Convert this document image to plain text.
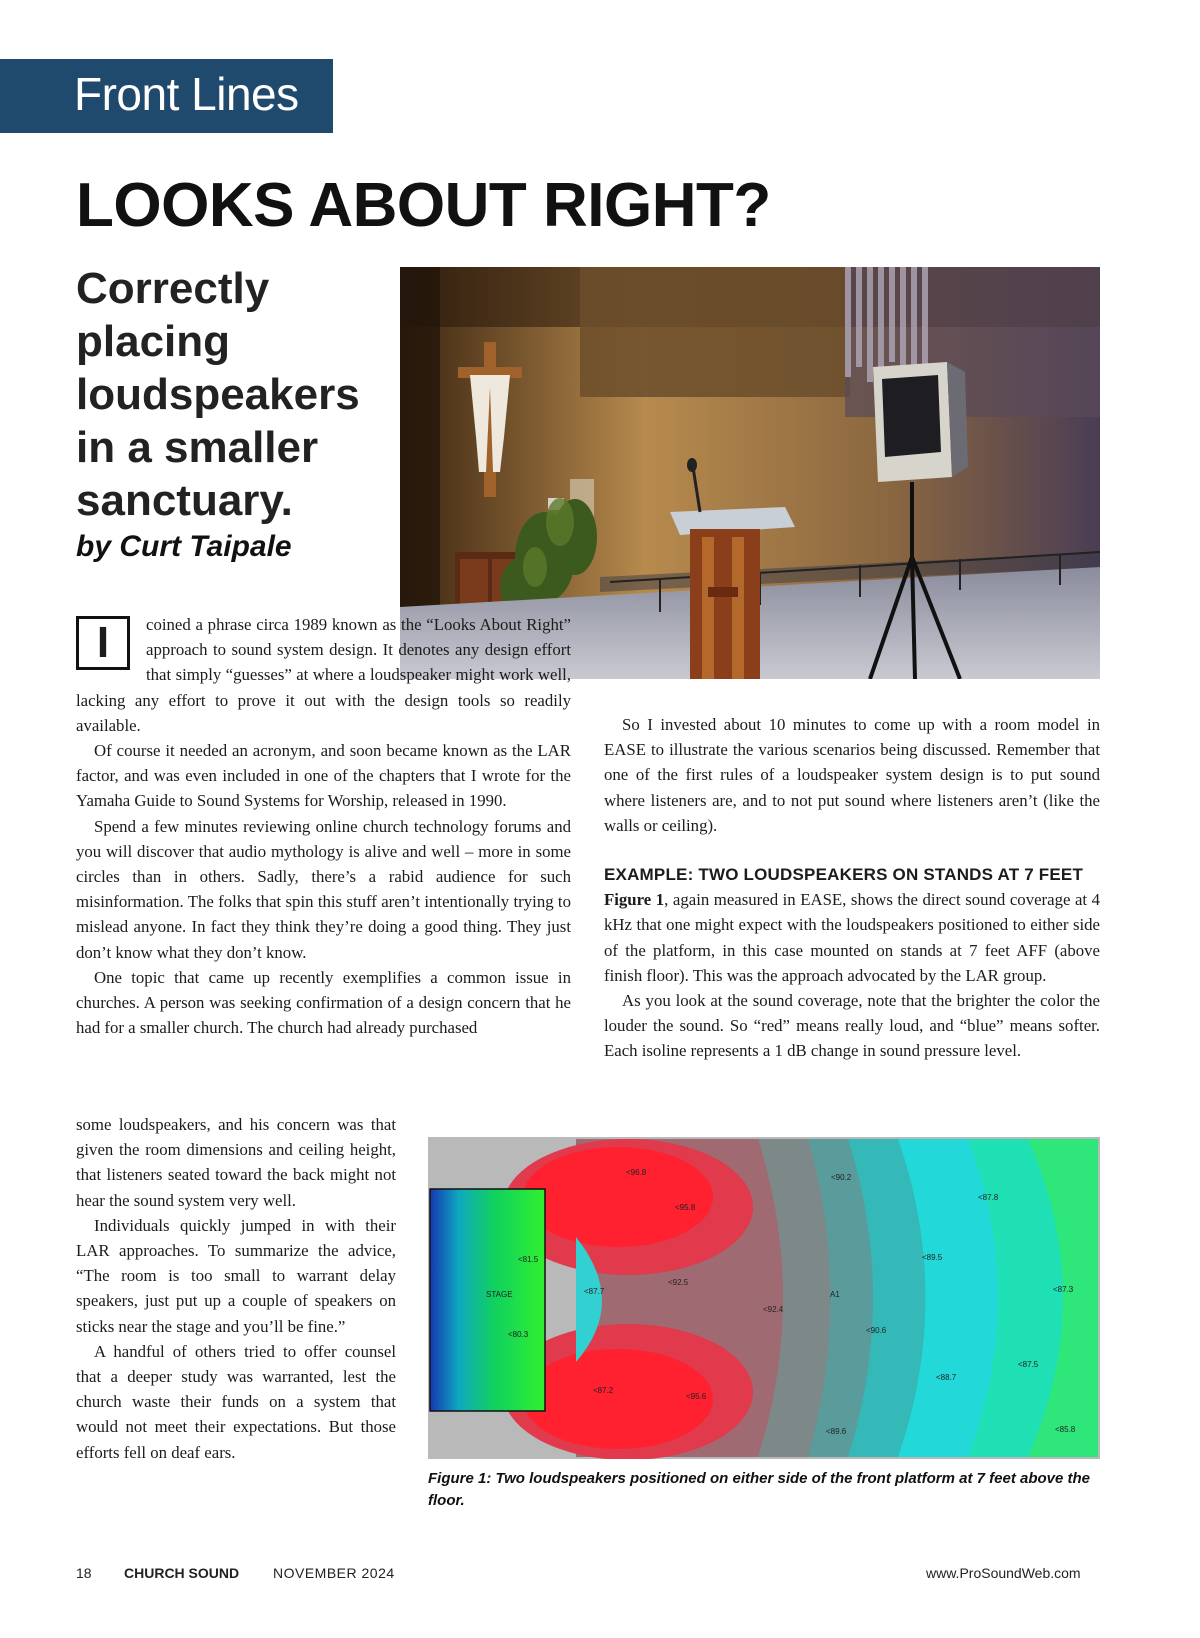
Front Lines
LOOKS ABOUT RIGHT?
Correctly placing loudspeakers in a smaller sanctuary.
by Curt Taipale
I	coined a phrase circa 1989 known as the “Looks About Right” approach to sound system design. It denotes any design effort that simply “guesses” at where a loudspeaker might work well, lacking any effort to prove it out with the design tools so readily available.

Of course it needed an acronym, and soon became known as the LAR factor, and was even included in one of the chapters that I wrote for the Yamaha Guide to Sound Systems for Worship, released in 1990.

Spend a few minutes reviewing online church technology forums and you will discover that audio mythology is alive and well – more in some circles than in others. Sadly, there’s a rabid audience for such misinformation. The folks that spin this stuff aren’t intentionally trying to mislead anyone. In fact they think they’re doing a good thing. They just don’t know what they don’t know.

One topic that came up recently exemplifies a common issue in churches. A person was seeking confirmation of a design concern that he had for a smaller church. The church had already purchased

some loudspeakers, and his concern was that given the room dimensions and ceiling height, that listeners seated toward the back might not hear the sound system very well.

Individuals quickly jumped in with their LAR approaches. To summarize the advice, “The room is too small to warrant delay speakers, just put up a couple of speakers on sticks near the stage and you’ll be fine.”

A handful of others tried to offer counsel that a deeper study was warranted, lest the church waste their funds on a system that would not meet their expectations. But those efforts fell on deaf ears.

So I invested about 10 minutes to come up with a room model in EASE to illustrate the various scenarios being discussed. Remember that one of the first rules of a loudspeaker system design is to put sound where listeners are, and to not put sound where listeners aren’t (like the walls or ceiling).

EXAMPLE: TWO LOUDSPEAKERS ON STANDS AT 7 FEET

Figure 1, again measured in EASE, shows the direct sound coverage at 4 kHz that one might expect with the loudspeakers positioned to either side of the platform, in this case mounted on stands at 7 feet AFF (above finish floor). This was the approach advocated by the LAR group.

As you look at the sound coverage, note that the brighter the color the louder the sound. So “red” means really loud, and “blue” means softer. Each isoline represents a 1 dB change in sound pressure level.

STAGE	A1
<96.8
<95.8
<90.2
<87.8
<81.5
<92.5
<87.7
<92.4
<89.5
<87.3
<80.3	<90.6
<87.2
<95.6
<88.7
<87.5
<89.6	<85.8
Figure 1: Two loudspeakers positioned on either side of the front platform at 7 feet above the floor.
18 CHURCH SOUND NOVEMBER 2024	www.ProSoundWeb.com
